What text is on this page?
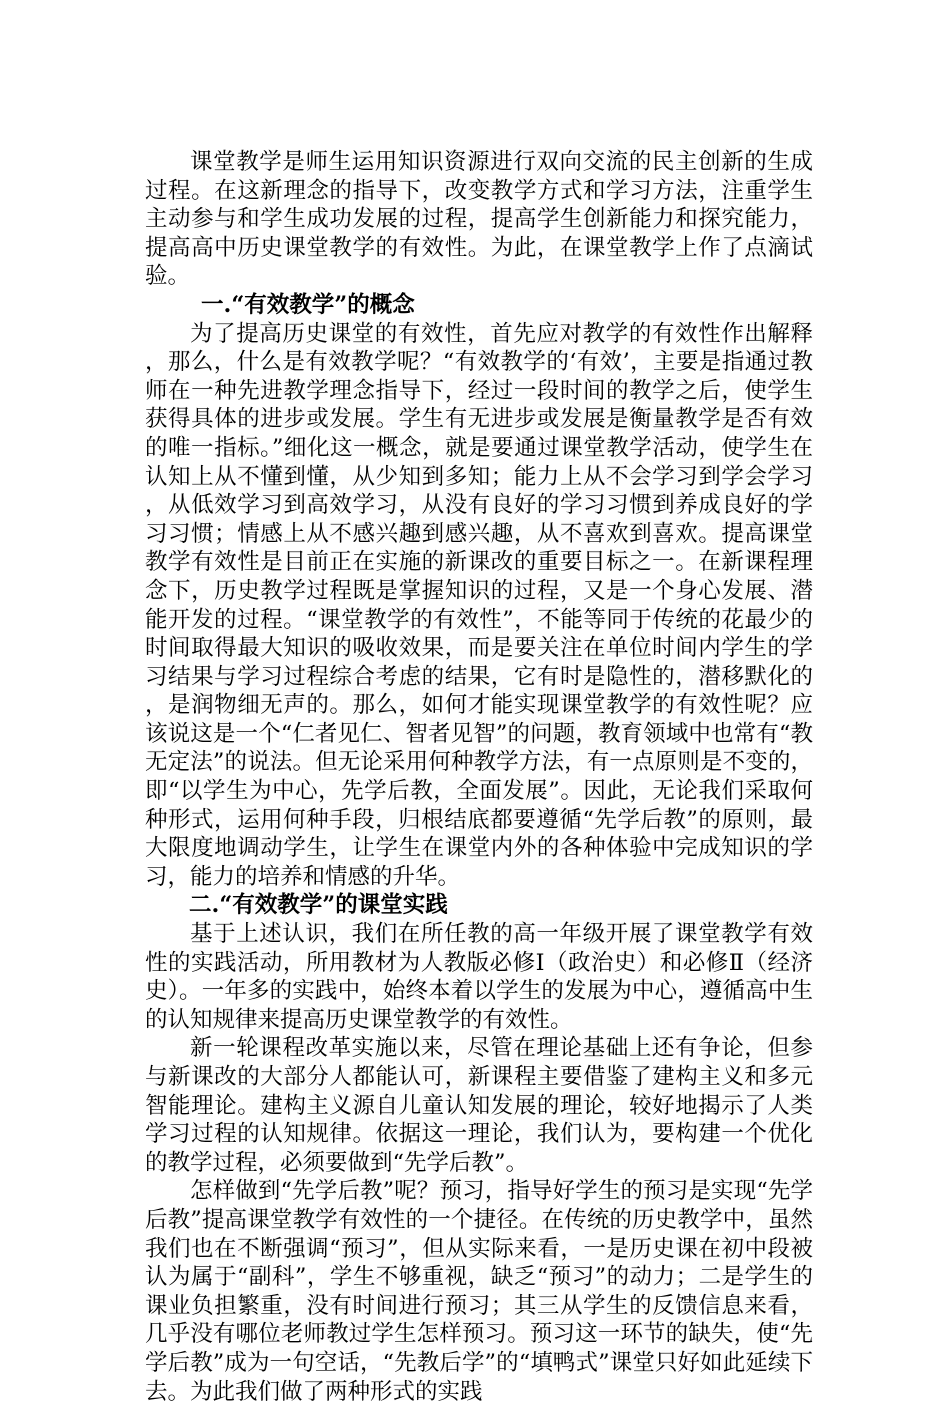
课堂教学是师生运用知识资源进行双向交流的民主创新的生成过程。在这新理念的指导下，改变教学方式和学习方法，注重学生主动参与和学生成功发展的过程，提高学生创新能力和探究能力，提高高中历史课堂教学的有效性。为此，在课堂教学上作了点滴试验。

一.“有效教学”的概念

为了提高历史课堂的有效性，首先应对教学的有效性作出解释，那么，什么是有效教学呢？“有效教学的‘有效’，主要是指通过教师在一种先进教学理念指导下，经过一段时间的教学之后，使学生获得具体的进步或发展。学生有无进步或发展是衡量教学是否有效的唯一指标。”细化这一概念，就是要通过课堂教学活动，使学生在认知上从不懂到懂，从少知到多知；能力上从不会学习到学会学习，从低效学习到高效学习，从没有良好的学习习惯到养成良好的学习习惯；情感上从不感兴趣到感兴趣，从不喜欢到喜欢。提高课堂教学有效性是目前正在实施的新课改的重要目标之一。在新课程理念下，历史教学过程既是掌握知识的过程，又是一个身心发展、潜能开发的过程。“课堂教学的有效性”，不能等同于传统的花最少的时间取得最大知识的吸收效果，而是要关注在单位时间内学生的学习结果与学习过程综合考虑的结果，它有时是隐性的，潜移默化的，是润物细无声的。那么，如何才能实现课堂教学的有效性呢？应该说这是一个“仁者见仁、智者见智”的问题，教育领域中也常有“教无定法”的说法。但无论采用何种教学方法，有一点原则是不变的，即“以学生为中心，先学后教，全面发展”。因此，无论我们采取何种形式，运用何种手段，归根结底都要遵循“先学后教”的原则，最大限度地调动学生，让学生在课堂内外的各种体验中完成知识的学习，能力的培养和情感的升华。

二.“有效教学”的课堂实践

基于上述认识，我们在所任教的高一年级开展了课堂教学有效性的实践活动，所用教材为人教版必修Ⅰ（政治史）和必修Ⅱ（经济史）。一年多的实践中，始终本着以学生的发展为中心，遵循高中生的认知规律来提高历史课堂教学的有效性。

新一轮课程改革实施以来，尽管在理论基础上还有争论，但参与新课改的大部分人都能认可，新课程主要借鉴了建构主义和多元智能理论。建构主义源自儿童认知发展的理论，较好地揭示了人类学习过程的认知规律。依据这一理论，我们认为，要构建一个优化的教学过程，必须要做到“先学后教”。

怎样做到“先学后教”呢？预习，指导好学生的预习是实现“先学后教”提高课堂教学有效性的一个捷径。在传统的历史教学中，虽然我们也在不断强调“预习”，但从实际来看，一是历史课在初中段被认为属于“副科”，学生不够重视，缺乏“预习”的动力；二是学生的课业负担繁重，没有时间进行预习；其三从学生的反馈信息来看，几乎没有哪位老师教过学生怎样预习。预习这一环节的缺失，使“先学后教”成为一句空话，“先教后学”的“填鸭式”课堂只好如此延续下去。为此我们做了两种形式的实践
